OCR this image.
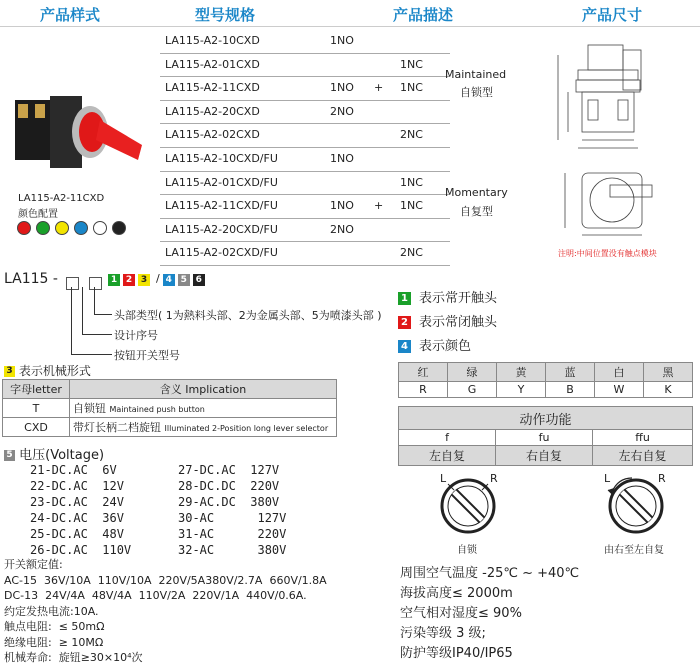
产品样式	型号规格	产品描述	产品尺寸
LA115-A2-11CXD
颜色配置
LA115-A2-10CXD	1NO
LA115-A2-01CXD	1NC
LA115-A2-11CXD	1NO + 1NC
LA115-A2-20CXD	2NO
LA115-A2-02CXD	2NC
LA115-A2-10CXD/FU	1NO
LA115-A2-01CXD/FU	1NC
LA115-A2-11CXD/FU	1NO + 1NC
LA115-A2-20CXD/FU	2NO
LA115-A2-02CXD/FU	2NC
Maintained
自锁型
Momentary
自复型
注明:中间位置没有触点模块
LA115 -	1 2 3 / 4 5 6
头部类型( 1为熱料头部、2为金属头部、5为喷漆头部 )
设计序号
按钮开关型号
3 表示机械形式
字母letter	含义 Implication
T	自锁钮 Maintained push button
CXD	带灯长柄二档旋钮 Illuminated 2-Position long lever selector
5 电压(Voltage)
21-DC.AC  6V
22-DC.AC  12V
23-DC.AC  24V
24-DC.AC  36V
25-DC.AC  48V
26-DC.AC  110V
27-DC.AC  127V
28-DC.DC  220V
29-AC.DC  380V
30-AC      127V
31-AC      220V
32-AC      380V
开关额定值:
AC-15  36V/10A  110V/10A  220V/5A380V/2.7A  660V/1.8A
DC-13  24V/4A  48V/4A  110V/2A  220V/1A  440V/0.6A.
约定发热电流:10A.
触点电阻:  ≤ 50mΩ
绝缘电阻:  ≥ 10MΩ
机械寿命:  旋钮≥30×10⁴次
1 表示常开触头
2 表示常闭触头
4 表示颜色
红	绿	黄	蓝	白	黑
R	G	Y	B	W	K
动作功能		
f	fu	ffu
左自复	右自复	左右自复
L	R
自锁
L	R
由右至左自复
周围空气温度 -25℃ ~ +40℃
海拔高度≤ 2000m
空气相对湿度≤ 90%
污染等级 3 级;
防护等级IP40/IP65
